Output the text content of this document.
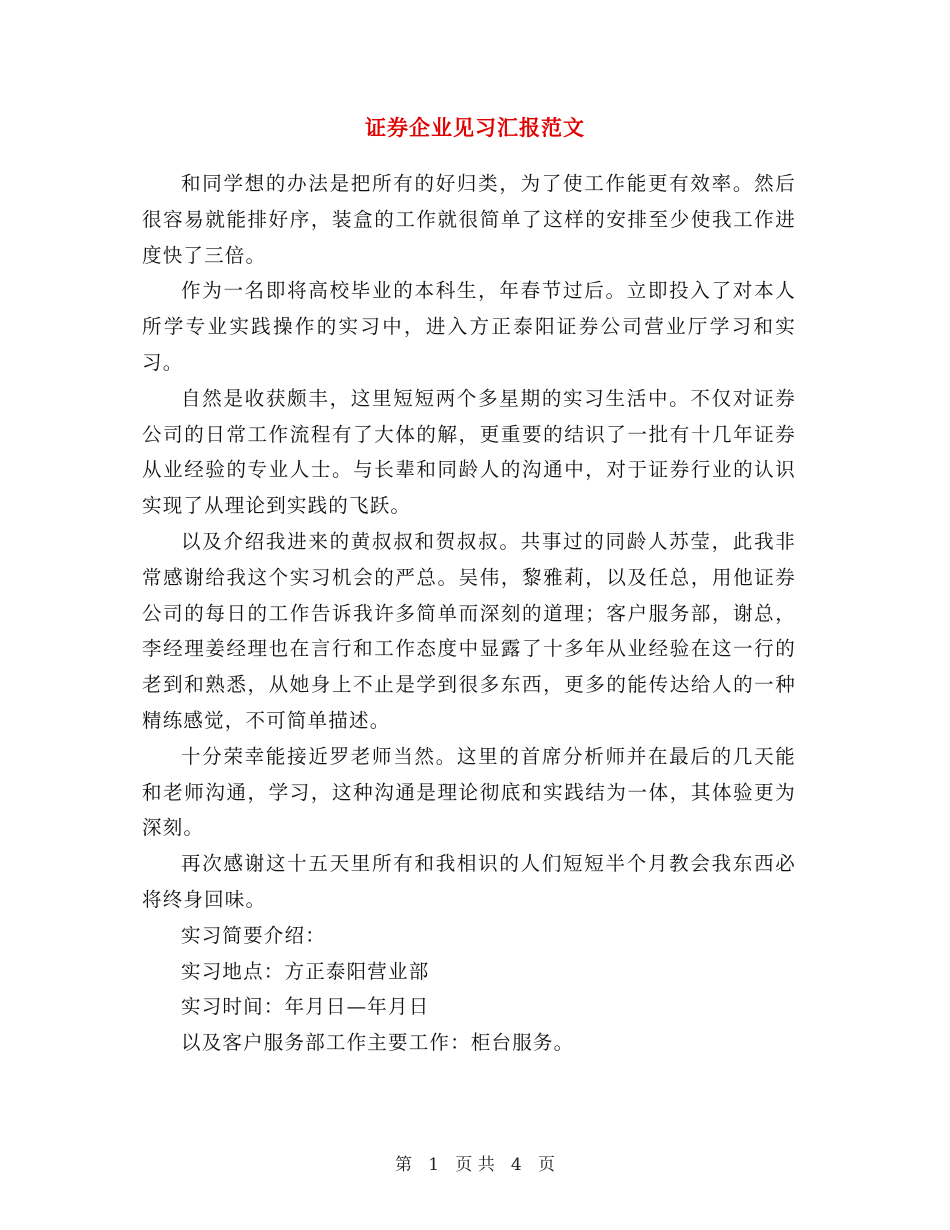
证券企业见习汇报范文

和同学想的办法是把所有的好归类，为了使工作能更有效率。然后很容易就能排好序，装盒的工作就很简单了这样的安排至少使我工作进度快了三倍。

作为一名即将高校毕业的本科生，年春节过后。立即投入了对本人所学专业实践操作的实习中，进入方正泰阳证券公司营业厅学习和实习。

自然是收获颇丰，这里短短两个多星期的实习生活中。不仅对证券公司的日常工作流程有了大体的解，更重要的结识了一批有十几年证券从业经验的专业人士。与长辈和同龄人的沟通中，对于证券行业的认识实现了从理论到实践的飞跃。

以及介绍我进来的黄叔叔和贺叔叔。共事过的同龄人苏莹，此我非常感谢给我这个实习机会的严总。吴伟，黎雅莉，以及任总，用他证券公司的每日的工作告诉我许多简单而深刻的道理；客户服务部，谢总，李经理姜经理也在言行和工作态度中显露了十多年从业经验在这一行的老到和熟悉，从她身上不止是学到很多东西，更多的能传达给人的一种精练感觉，不可简单描述。

十分荣幸能接近罗老师当然。这里的首席分析师并在最后的几天能和老师沟通，学习，这种沟通是理论彻底和实践结为一体，其体验更为深刻。

再次感谢这十五天里所有和我相识的人们短短半个月教会我东西必将终身回味。

实习简要介绍：

实习地点：方正泰阳营业部

实习时间：年月日—年月日

以及客户服务部工作主要工作：柜台服务。

第 1 页 共 4 页
